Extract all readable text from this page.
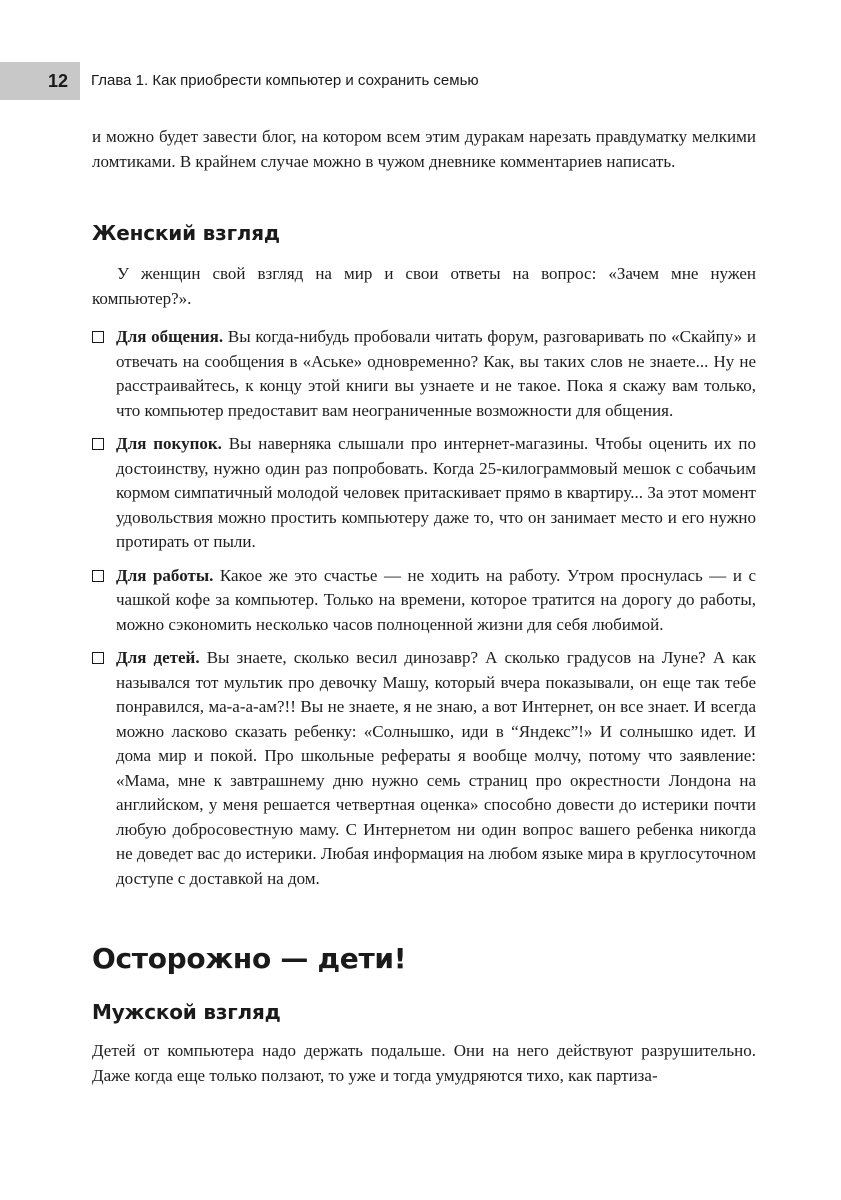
12	Глава 1. Как приобрести компьютер и сохранить семью

и можно будет завести блог, на котором всем этим дуракам нарезать правдуматку мелкими ломтиками. В крайнем случае можно в чужом дневнике комментариев написать.

Женский взгляд

У женщин свой взгляд на мир и свои ответы на вопрос: «Зачем мне нужен компьютер?».

Для общения. Вы когда-нибудь пробовали читать форум, разговаривать по «Скайпу» и отвечать на сообщения в «Аське» одновременно? Как, вы таких слов не знаете... Ну не расстраивайтесь, к концу этой книги вы узнаете и не такое. Пока я скажу вам только, что компьютер предоставит вам неограниченные возможности для общения.

Для покупок. Вы наверняка слышали про интернет-магазины. Чтобы оценить их по достоинству, нужно один раз попробовать. Когда 25-килограммовый мешок с собачьим кормом симпатичный молодой человек притаскивает прямо в квартиру... За этот момент удовольствия можно простить компьютеру даже то, что он занимает место и его нужно протирать от пыли.

Для работы. Какое же это счастье — не ходить на работу. Утром проснулась — и с чашкой кофе за компьютер. Только на времени, которое тратится на дорогу до работы, можно сэкономить несколько часов полноценной жизни для себя любимой.

Для детей. Вы знаете, сколько весил динозавр? А сколько градусов на Луне? А как назывался тот мультик про девочку Машу, который вчера показывали, он еще так тебе понравился, ма-а-а-ам?!! Вы не знаете, я не знаю, а вот Интернет, он все знает. И всегда можно ласково сказать ребенку: «Солнышко, иди в “Яндекс”!» И солнышко идет. И дома мир и покой. Про школьные рефераты я вообще молчу, потому что заявление: «Мама, мне к завтрашнему дню нужно семь страниц про окрестности Лондона на английском, у меня решается четвертная оценка» способно довести до истерики почти любую добросовестную маму. С Интернетом ни один вопрос вашего ребенка никогда не доведет вас до истерики. Любая информация на любом языке мира в круглосуточном доступе с доставкой на дом.

Осторожно — дети!
Мужской взгляд

Детей от компьютера надо держать подальше. Они на него действуют разрушительно. Даже когда еще только ползают, то уже и тогда умудряются тихо, как партиза-
